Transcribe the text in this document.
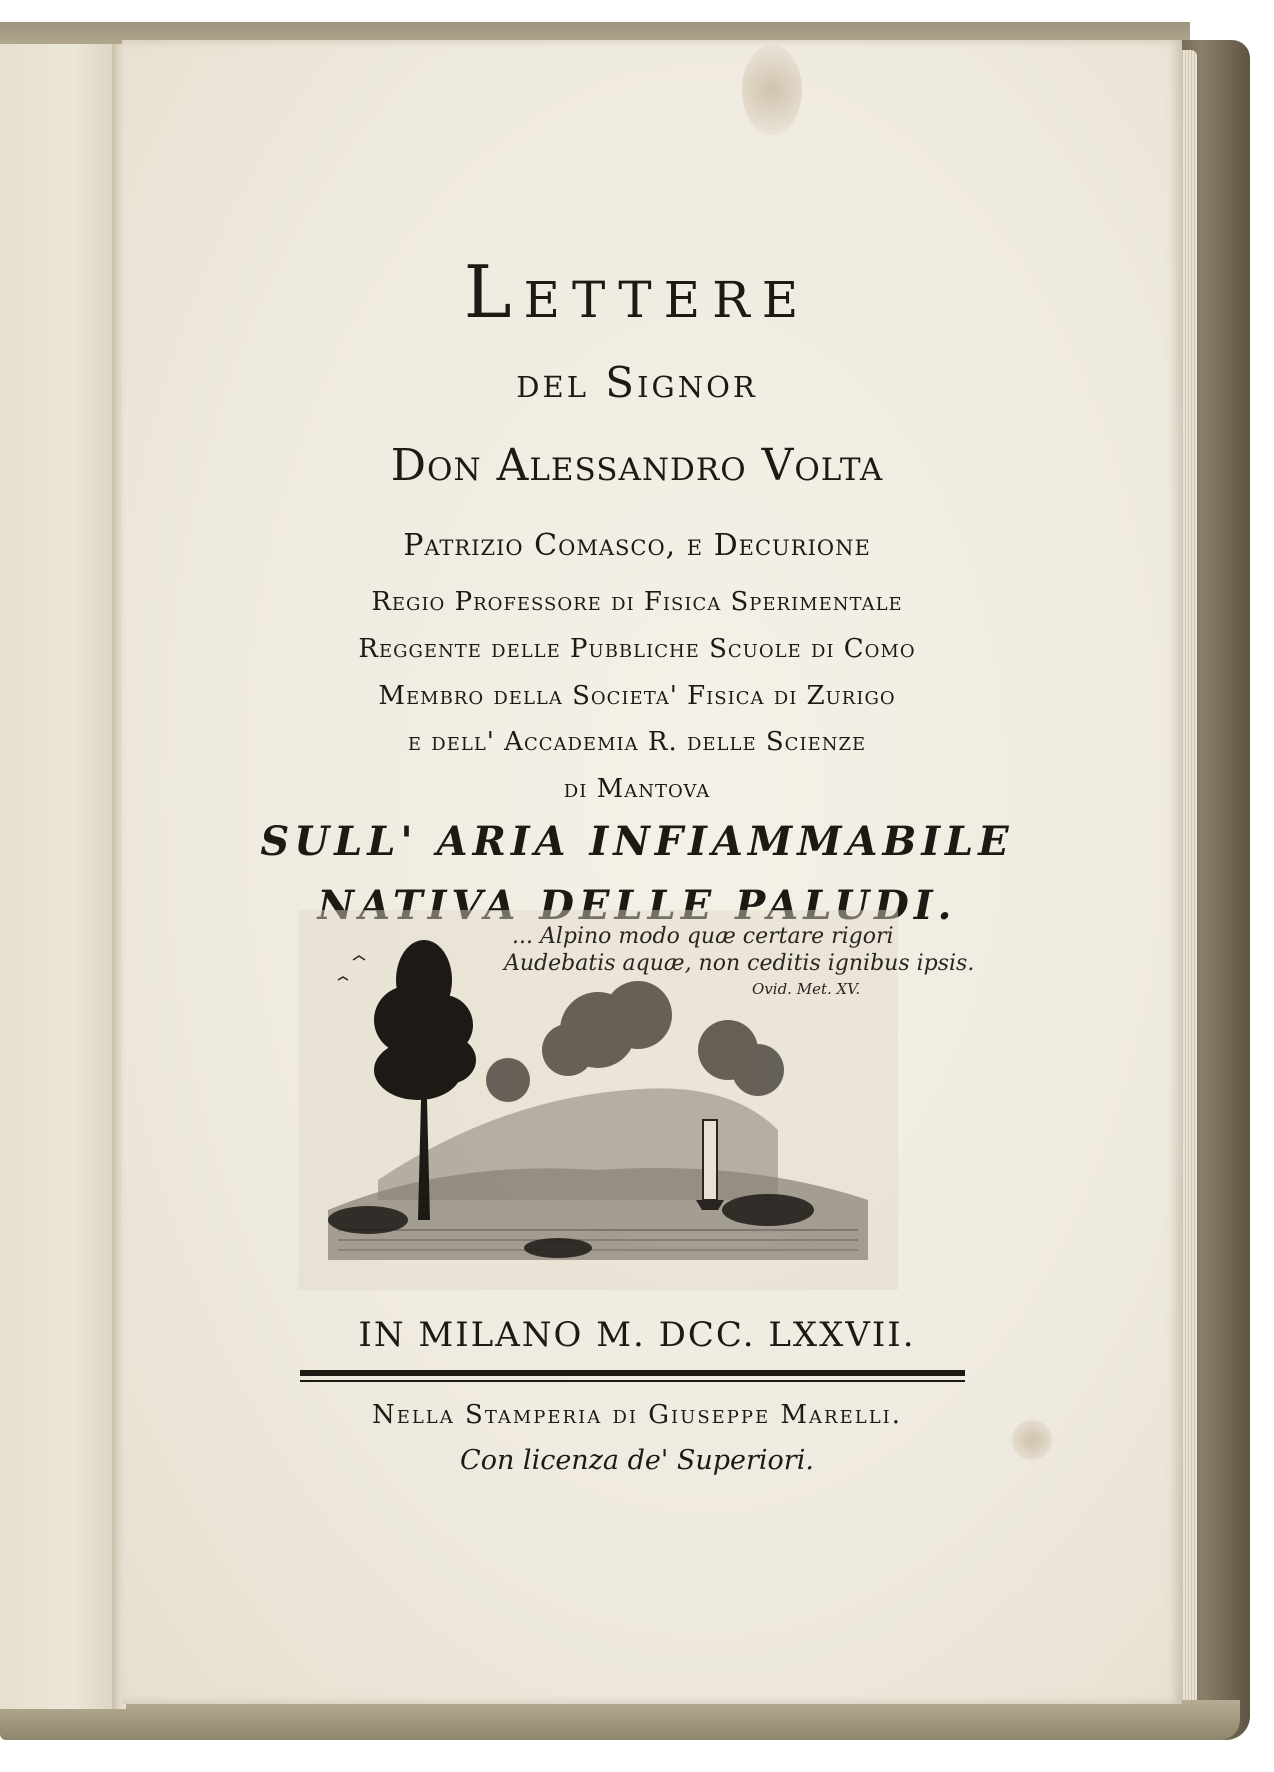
Lettere
del Signor
Don Alessandro Volta
Patrizio Comasco, e Decurione
Regio Professore di Fisica Sperimentale
Reggente delle Pubbliche Scuole di Como
Membro della Societa' Fisica di Zurigo
e dell' Accademia R. delle Scienze
di Mantova
SULL' ARIA INFIAMMABILE
NATIVA DELLE PALUDI.
... Alpino modo quæ certare rigori
Audebatis aquæ, non ceditis ignibus ipsis.
Ovid. Met. XV.
IN MILANO M. DCC. LXXVII.
Nella Stamperia di Giuseppe Marelli.
Con licenza de' Superiori.
